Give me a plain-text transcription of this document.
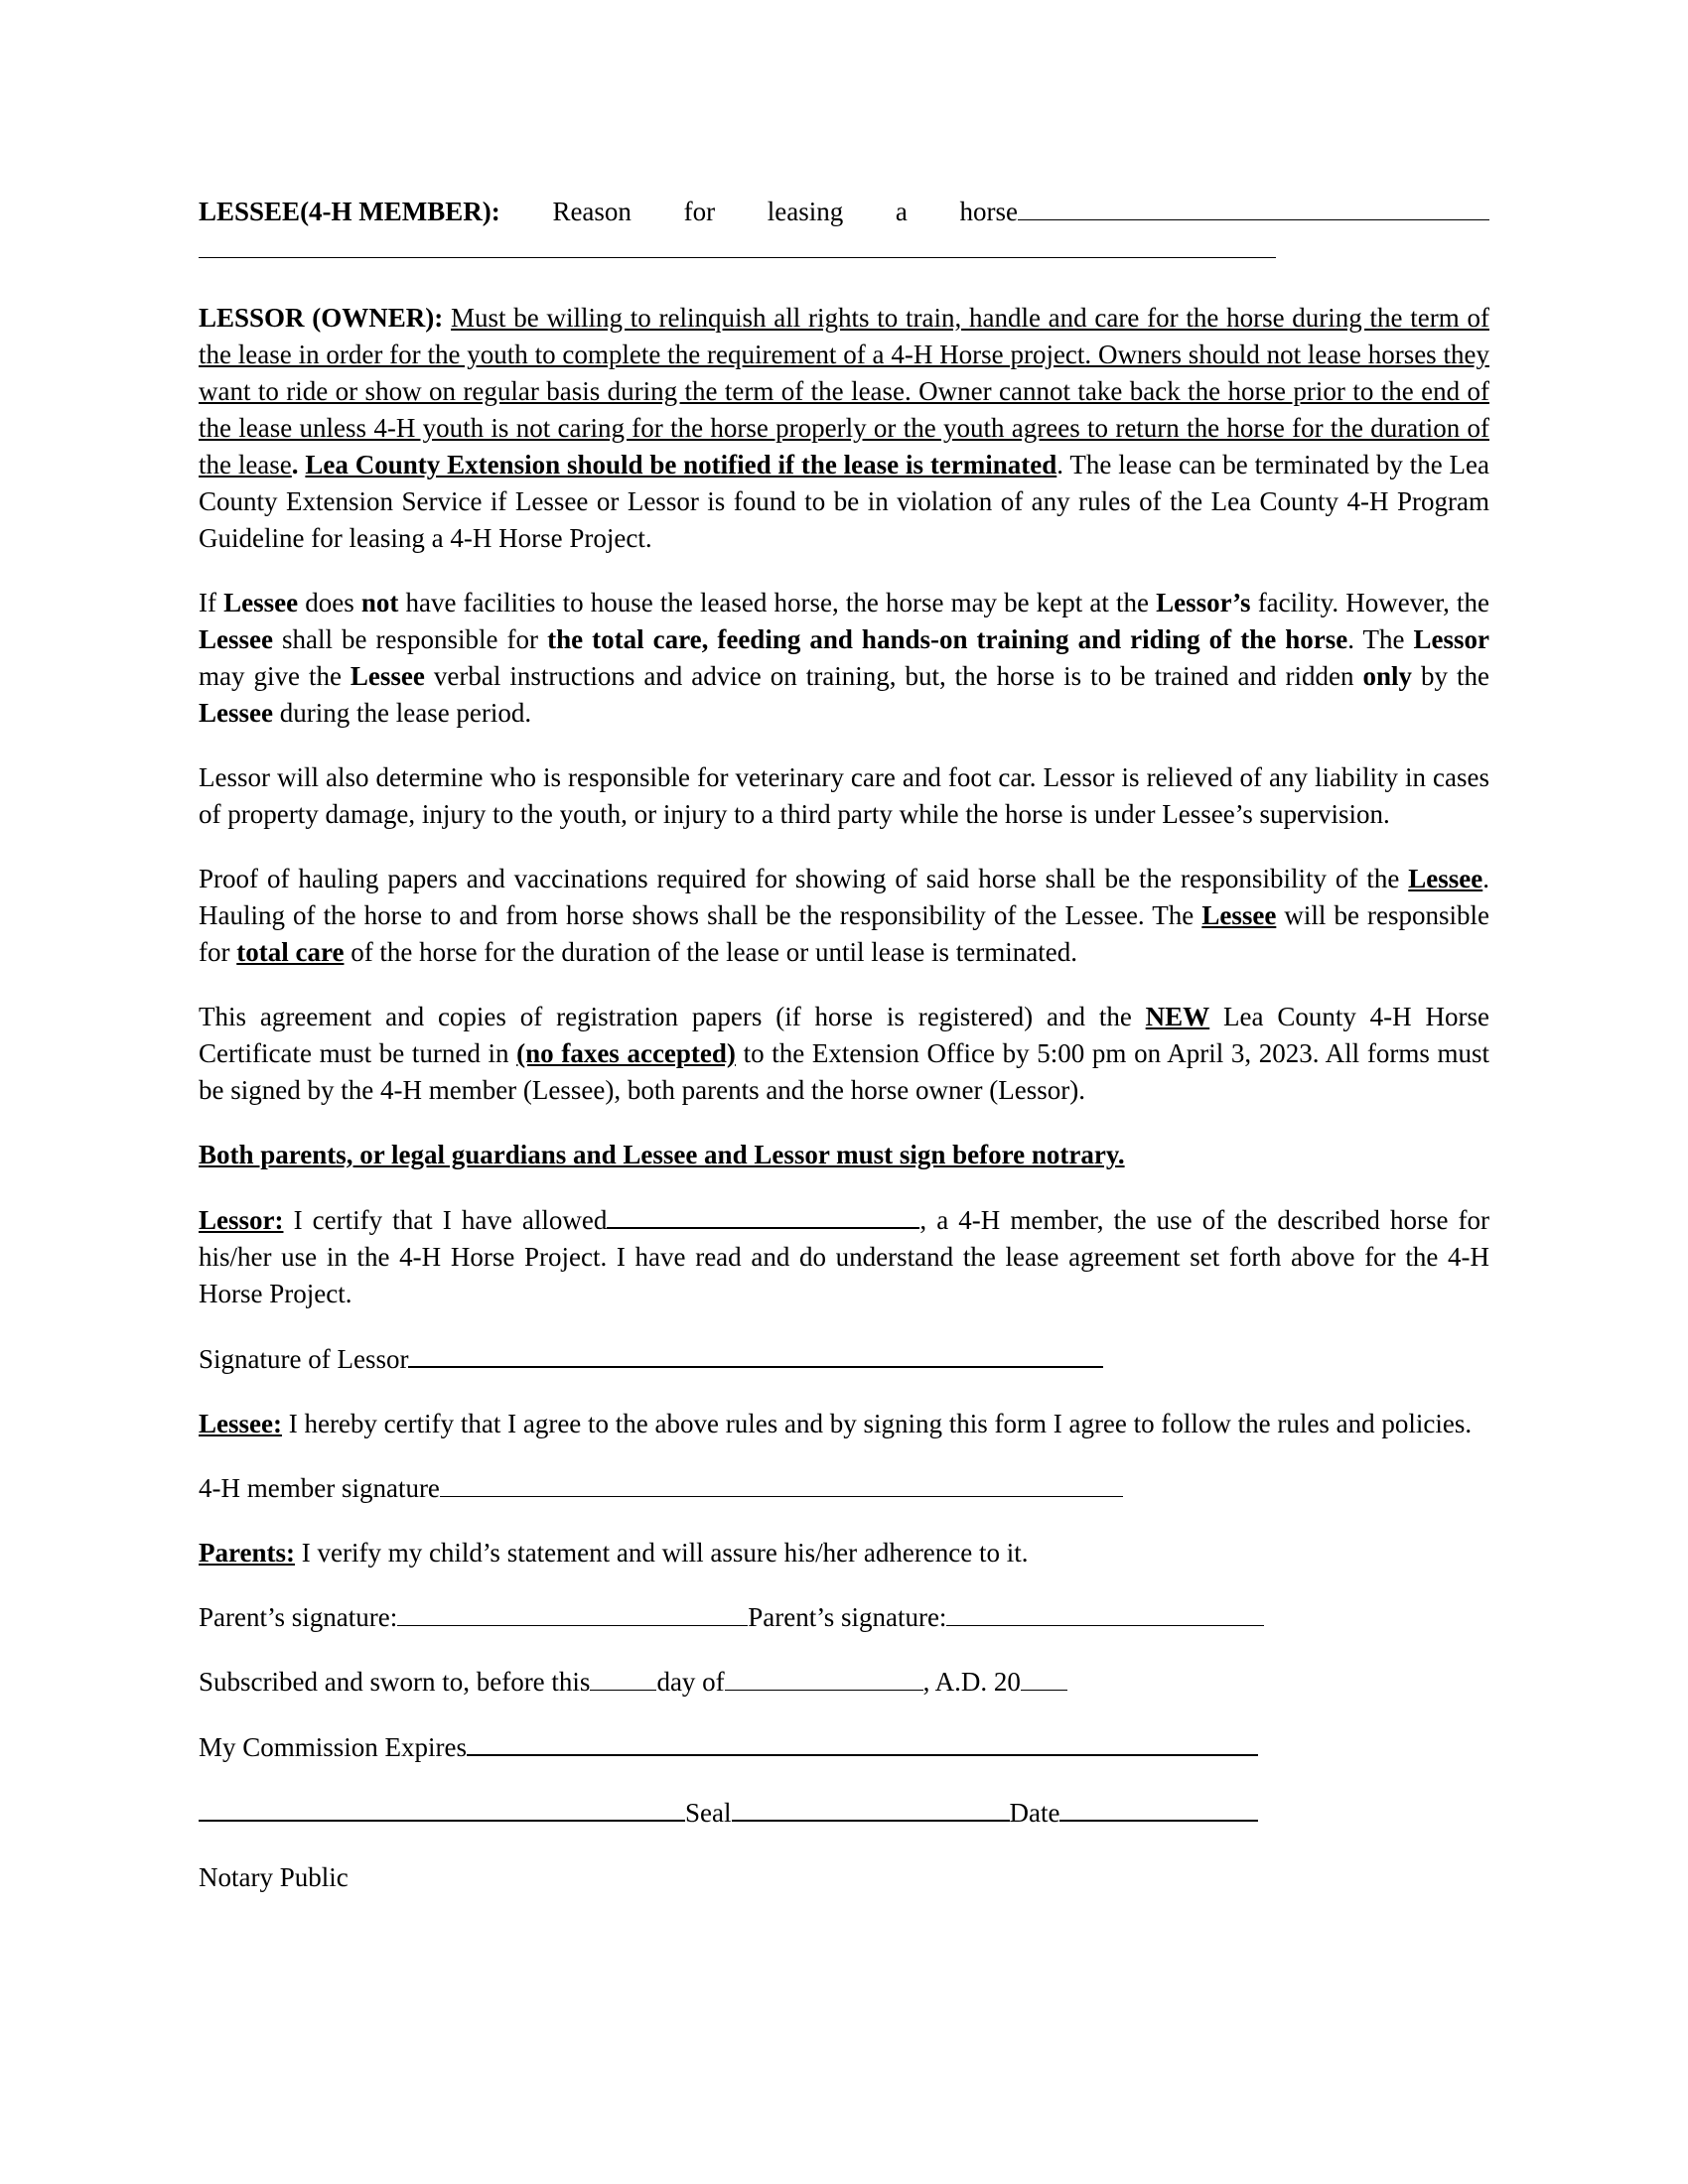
LESSEE(4-H MEMBER): Reason for leasing a horse

LESSOR (OWNER): Must be willing to relinquish all rights to train, handle and care for the horse during the term of the lease in order for the youth to complete the requirement of a 4-H Horse project. Owners should not lease horses they want to ride or show on regular basis during the term of the lease. Owner cannot take back the horse prior to the end of the lease unless 4-H youth is not caring for the horse properly or the youth agrees to return the horse for the duration of the lease. Lea County Extension should be notified if the lease is terminated. The lease can be terminated by the Lea County Extension Service if Lessee or Lessor is found to be in violation of any rules of the Lea County 4-H Program Guideline for leasing a 4-H Horse Project.

If Lessee does not have facilities to house the leased horse, the horse may be kept at the Lessor’s facility. However, the Lessee shall be responsible for the total care, feeding and hands-on training and riding of the horse. The Lessor may give the Lessee verbal instructions and advice on training, but, the horse is to be trained and ridden only by the Lessee during the lease period.

Lessor will also determine who is responsible for veterinary care and foot car. Lessor is relieved of any liability in cases of property damage, injury to the youth, or injury to a third party while the horse is under Lessee’s supervision.

Proof of hauling papers and vaccinations required for showing of said horse shall be the responsibility of the Lessee. Hauling of the horse to and from horse shows shall be the responsibility of the Lessee. The Lessee will be responsible for total care of the horse for the duration of the lease or until lease is terminated.

This agreement and copies of registration papers (if horse is registered) and the NEW Lea County 4-H Horse Certificate must be turned in (no faxes accepted) to the Extension Office by 5:00 pm on April 3, 2023. All forms must be signed by the 4-H member (Lessee), both parents and the horse owner (Lessor).

Both parents, or legal guardians and Lessee and Lessor must sign before notrary.

Lessor: I certify that I have allowed	, a 4-H member, the use of the described horse for his/her use in the 4-H Horse Project. I have read and do understand the lease agreement set forth above for the 4-H Horse Project.

Signature of Lessor

Lessee: I hereby certify that I agree to the above rules and by signing this form I agree to follow the rules and policies.

4-H member signature

Parents: I verify my child’s statement and will assure his/her adherence to it.

Parent’s signature:	Parent’s signature:

Subscribed and sworn to, before this day of	, A.D. 20

My Commission Expires

Seal	Date

Notary Public
